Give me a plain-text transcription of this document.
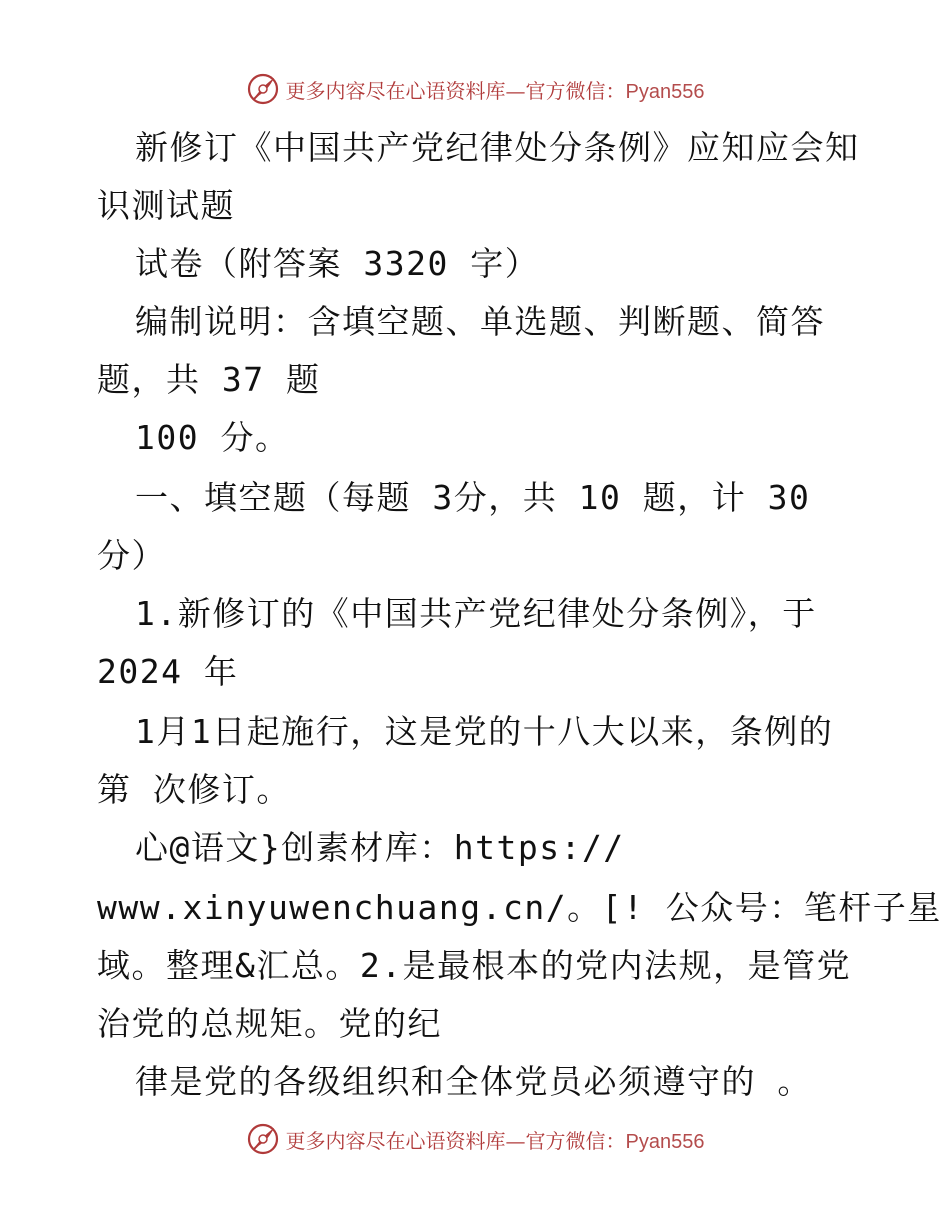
更多内容尽在心语资料库—官方微信：Pyan556
新修订《中国共产党纪律处分条例》应知应会知
识测试题
试卷（附答案 3320 字）
编制说明：含填空题、单选题、判断题、简答
题，共 37 题
100 分。
一、填空题（每题 3分，共 10 题，计 30
分）
1.新修订的《中国共产党纪律处分条例》，于
2024 年
1月1日起施行，这是党的十八大以来，条例的
第 次修订。
心@语文}创素材库：https://
www.xinyuwenchuang.cn/。[! 公众号：笔杆子星
域。整理&汇总。2.是最根本的党内法规，是管党
治党的总规矩。党的纪
律是党的各级组织和全体党员必须遵守的 。
更多内容尽在心语资料库—官方微信：Pyan556
